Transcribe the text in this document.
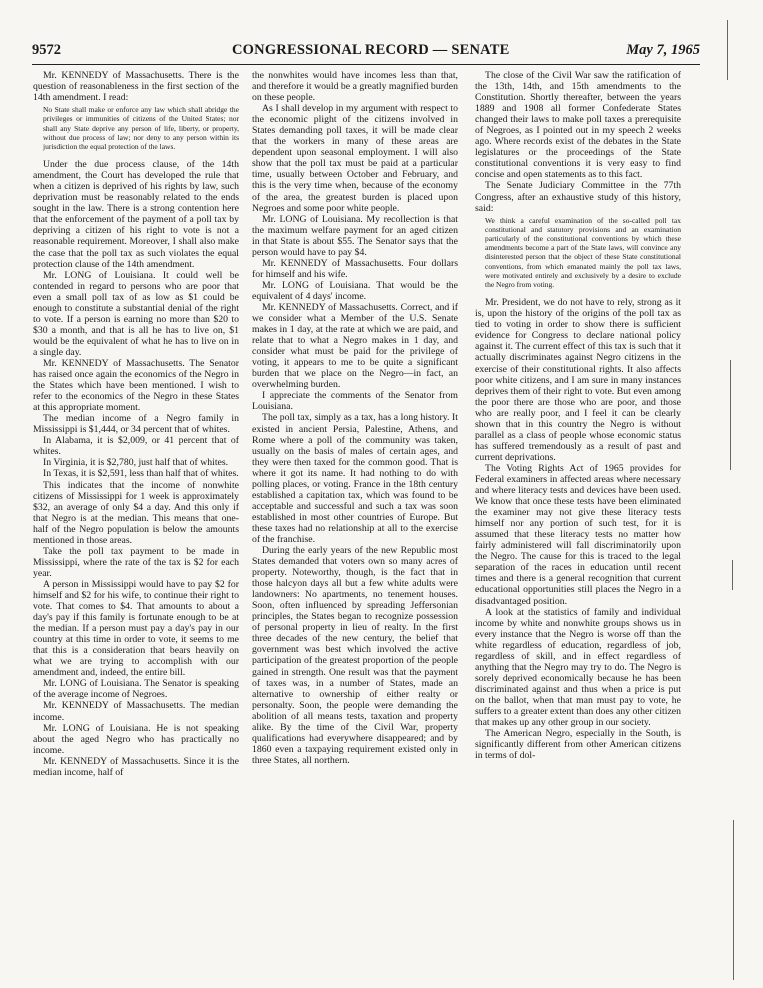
9572	CONGRESSIONAL RECORD — SENATE	May 7, 1965

Mr. KENNEDY of Massachusetts. There is the question of reasonableness in the first section of the 14th amendment. I read:

No State shall make or enforce any law which shall abridge the privileges or immunities of citizens of the United States; nor shall any State deprive any person of life, liberty, or property, without due process of law; nor deny to any person within its jurisdiction the equal protection of the laws.

Under the due process clause, of the 14th amendment, the Court has developed the rule that when a citizen is deprived of his rights by law, such deprivation must be reasonably related to the ends sought in the law. There is a strong contention here that the enforcement of the payment of a poll tax by depriving a citizen of his right to vote is not a reasonable requirement. Moreover, I shall also make the case that the poll tax as such violates the equal protection clause of the 14th amendment.

Mr. LONG of Louisiana. It could well be contended in regard to persons who are poor that even a small poll tax of as low as $1 could be enough to constitute a substantial denial of the right to vote. If a person is earning no more than $20 to $30 a month, and that is all he has to live on, $1 would be the equivalent of what he has to live on in a single day.

Mr. KENNEDY of Massachusetts. The Senator has raised once again the economics of the Negro in the States which have been mentioned. I wish to refer to the economics of the Negro in these States at this appropriate moment.

The median income of a Negro family in Mississippi is $1,444, or 34 percent that of whites.

In Alabama, it is $2,009, or 41 percent that of whites.

In Virginia, it is $2,780, just half that of whites.

In Texas, it is $2,591, less than half that of whites.

This indicates that the income of nonwhite citizens of Mississippi for 1 week is approximately $32, an average of only $4 a day. And this only if that Negro is at the median. This means that one-half of the Negro population is below the amounts mentioned in those areas.

Take the poll tax payment to be made in Mississippi, where the rate of the tax is $2 for each year.

A person in Mississippi would have to pay $2 for himself and $2 for his wife, to continue their right to vote. That comes to $4. That amounts to about a day's pay if this family is fortunate enough to be at the median. If a person must pay a day's pay in our country at this time in order to vote, it seems to me that this is a consideration that bears heavily on what we are trying to accomplish with our amendment and, indeed, the entire bill.

Mr. LONG of Louisiana. The Senator is speaking of the average income of Negroes.

Mr. KENNEDY of Massachusetts. The median income.

Mr. LONG of Louisiana. He is not speaking about the aged Negro who has practically no income.

Mr. KENNEDY of Massachusetts. Since it is the median income, half of

the nonwhites would have incomes less than that, and therefore it would be a greatly magnified burden on these people.

As I shall develop in my argument with respect to the economic plight of the citizens involved in States demanding poll taxes, it will be made clear that the workers in many of these areas are dependent upon seasonal employment. I will also show that the poll tax must be paid at a particular time, usually between October and February, and this is the very time when, because of the economy of the area, the greatest burden is placed upon Negroes and some poor white people.

Mr. LONG of Louisiana. My recollection is that the maximum welfare payment for an aged citizen in that State is about $55. The Senator says that the person would have to pay $4.

Mr. KENNEDY of Massachusetts. Four dollars for himself and his wife.

Mr. LONG of Louisiana. That would be the equivalent of 4 days' income.

Mr. KENNEDY of Massachusetts. Correct, and if we consider what a Member of the U.S. Senate makes in 1 day, at the rate at which we are paid, and relate that to what a Negro makes in 1 day, and consider what must be paid for the privilege of voting, it appears to me to be quite a significant burden that we place on the Negro—in fact, an overwhelming burden.

I appreciate the comments of the Senator from Louisiana.

The poll tax, simply as a tax, has a long history. It existed in ancient Persia, Palestine, Athens, and Rome where a poll of the community was taken, usually on the basis of males of certain ages, and they were then taxed for the common good. That is where it got its name. It had nothing to do with polling places, or voting. France in the 18th century established a capitation tax, which was found to be acceptable and successful and such a tax was soon established in most other countries of Europe. But these taxes had no relationship at all to the exercise of the franchise.

During the early years of the new Republic most States demanded that voters own so many acres of property. Noteworthy, though, is the fact that in those halcyon days all but a few white adults were landowners: No apartments, no tenement houses. Soon, often influenced by spreading Jeffersonian principles, the States began to recognize possession of personal property in lieu of realty. In the first three decades of the new century, the belief that government was best which involved the active participation of the greatest proportion of the people gained in strength. One result was that the payment of taxes was, in a number of States, made an alternative to ownership of either realty or personalty. Soon, the people were demanding the abolition of all means tests, taxation and property alike. By the time of the Civil War, property qualifications had everywhere disappeared; and by 1860 even a taxpaying requirement existed only in three States, all northern.

The close of the Civil War saw the ratification of the 13th, 14th, and 15th amendments to the Constitution. Shortly thereafter, between the years 1889 and 1908 all former Confederate States changed their laws to make poll taxes a prerequisite of Negroes, as I pointed out in my speech 2 weeks ago. Where records exist of the debates in the State legislatures or the proceedings of the State constitutional conventions it is very easy to find concise and open statements as to this fact.

The Senate Judiciary Committee in the 77th Congress, after an exhaustive study of this history, said:

We think a careful examination of the so-called poll tax constitutional and statutory provisions and an examination particularly of the constitutional conventions by which these amendments become a part of the State laws, will convince any disinterested person that the object of these State constitutional conventions, from which emanated mainly the poll tax laws, were motivated entirely and exclusively by a desire to exclude the Negro from voting.

Mr. President, we do not have to rely, strong as it is, upon the history of the origins of the poll tax as tied to voting in order to show there is sufficient evidence for Congress to declare national policy against it. The current effect of this tax is such that it actually discriminates against Negro citizens in the exercise of their constitutional rights. It also affects poor white citizens, and I am sure in many instances deprives them of their right to vote. But even among the poor there are those who are poor, and those who are really poor, and I feel it can be clearly shown that in this country the Negro is without parallel as a class of people whose economic status has suffered tremendously as a result of past and current deprivations.

The Voting Rights Act of 1965 provides for Federal examiners in affected areas where necessary and where literacy tests and devices have been used. We know that once these tests have been eliminated the examiner may not give these literacy tests himself nor any portion of such test, for it is assumed that these literacy tests no matter how fairly administered will fall discriminatorily upon the Negro. The cause for this is traced to the legal separation of the races in education until recent times and there is a general recognition that current educational opportunities still places the Negro in a disadvantaged position.

A look at the statistics of family and individual income by white and nonwhite groups shows us in every instance that the Negro is worse off than the white regardless of education, regardless of job, regardless of skill, and in effect regardless of anything that the Negro may try to do. The Negro is sorely deprived economically because he has been discriminated against and thus when a price is put on the ballot, when that man must pay to vote, he suffers to a greater extent than does any other citizen that makes up any other group in our society.

The American Negro, especially in the South, is significantly different from other American citizens in terms of dol-
